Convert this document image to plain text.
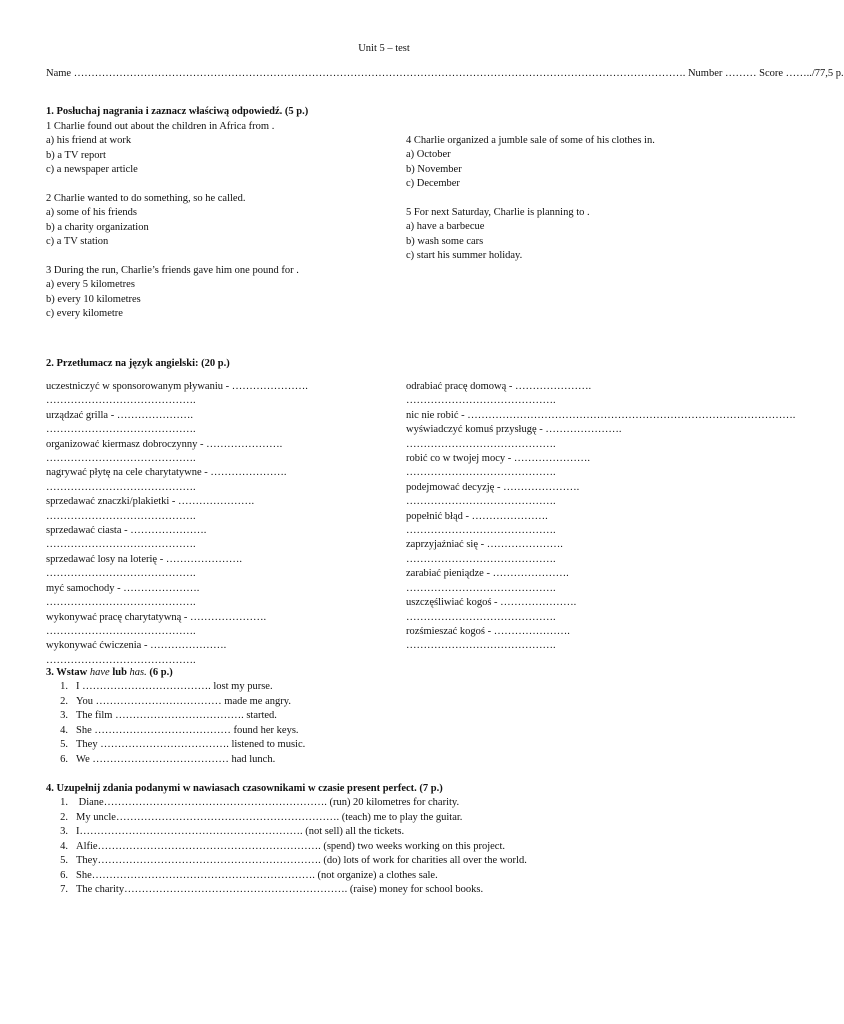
Unit 5 – test
Name …………………………………………………………………………………………………………………………………………………………. Number ……… Score ……../77,5 p.
1. Posłuchaj nagrania i zaznacz właściwą odpowiedź. (5 p.)
1 Charlie found out about the children in Africa from .
a) his friend at work
b) a TV report
c) a newspaper article
2 Charlie wanted to do something, so he called.
a) some of his friends
b) a charity organization
c) a TV station
3 During the run, Charlie’s friends gave him one pound for .
a) every 5 kilometres
b) every 10 kilometres
c) every kilometre
4 Charlie organized a jumble sale of some of his clothes in.
a) October
b) November
c) December
5 For next Saturday, Charlie is planning to .
a) have a barbecue
b) wash some cars
c) start his summer holiday.
2. Przetłumacz na język angielski: (20 p.)
uczestniczyć w sponsorowanym pływaniu - ………………….
…………………………………….
urządzać grilla - ………………….
…………………………………….
organizować kiermasz dobroczynny - ………………….
…………………………………….
nagrywać płytę na cele charytatywne - ………………….
…………………………………….
sprzedawać znaczki/plakietki - ………………….
…………………………………….
sprzedawać ciasta - ………………….
…………………………………….
sprzedawać losy na loterię - ………………….
…………………………………….
myć samochody - ………………….
…………………………………….
wykonywać pracę charytatywną - ………………….
…………………………………….
wykonywać ćwiczenia - ………………….
…………………………………….
odrabiać pracę domową - ………………….
…………………………………….
nic nie robić - ………………………………………………………………………………….
wyświadczyć komuś przysługę - ………………….
…………………………………….
robić co w twojej mocy - ………………….
…………………………………….
podejmować decyzję - ………………….
…………………………………….
popełnić błąd - ………………….
…………………………………….
zaprzyjaźniać się - ………………….
…………………………………….
zarabiać pieniądze - ………………….
…………………………………….
uszczęśliwiać kogoś - ………………….
…………………………………….
rozśmieszać kogoś - ………………….
…………………………………….
3. Wstaw have lub has. (6 p.)
1. I ………………………………. lost my purse.
2. You ……………………………… made me angry.
3. The film ………………………………. started.
4. She ………………………………… found her keys.
5. They ………………………………. listened to music.
6. We ………………………………… had lunch.
4. Uzupełnij zdania podanymi w nawiasach czasownikami w czasie present perfect. (7 p.)
1. Diane………………………………………………………. (run) 20 kilometres for charity.
2. My uncle………………………………………………………. (teach) me to play the guitar.
3. I………………………………………………………. (not sell) all the tickets.
4. Alfie………………………………………………………. (spend) two weeks working on this project.
5. They………………………………………………………. (do) lots of work for charities all over the world.
6. She………………………………………………………. (not organize) a clothes sale.
7. The charity………………………………………………………. (raise) money for school books.
